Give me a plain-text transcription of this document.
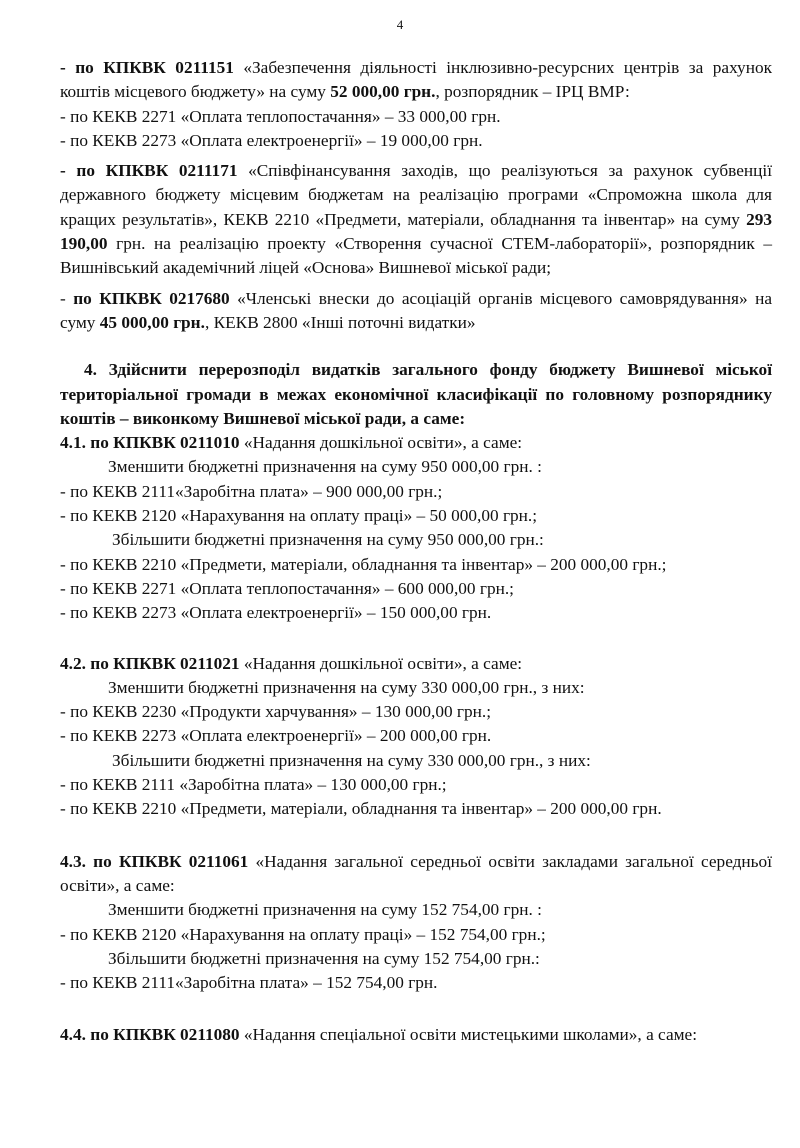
4

- по КПКВК 0211151 «Забезпечення діяльності інклюзивно-ресурсних центрів за рахунок коштів місцевого бюджету» на суму 52 000,00 грн., розпорядник – ІРЦ ВМР:

- по КЕКВ 2271 «Оплата теплопостачання» – 33 000,00 грн.

- по КЕКВ 2273 «Оплата електроенергії» – 19 000,00 грн.

- по КПКВК 0211171 «Співфінансування заходів, що реалізуються за рахунок субвенції державного бюджету місцевим бюджетам на реалізацію програми «Спроможна школа для кращих результатів», КЕКВ 2210 «Предмети, матеріали, обладнання та інвентар» на суму 293 190,00 грн. на реалізацію проекту «Створення сучасної СТЕМ-лабораторії», розпорядник – Вишнівський академічний ліцей «Основа» Вишневої міської ради;

- по КПКВК 0217680 «Членські внески до асоціацій органів місцевого самоврядування» на суму 45 000,00 грн., КЕКВ 2800 «Інші поточні видатки»

4. Здійснити перерозподіл видатків загального фонду бюджету Вишневої міської територіальної громади в межах економічної класифікації по головному розпоряднику коштів – виконкому Вишневої міської ради, а саме:

4.1. по КПКВК 0211010 «Надання дошкільної освіти», а саме:

Зменшити бюджетні призначення на суму 950 000,00 грн. :

- по КЕКВ 2111«Заробітна плата» – 900 000,00 грн.;

- по КЕКВ 2120 «Нарахування на оплату праці» – 50 000,00 грн.;

Збільшити бюджетні призначення на суму 950 000,00 грн.:

- по КЕКВ 2210 «Предмети, матеріали, обладнання та інвентар» – 200 000,00 грн.;

- по КЕКВ 2271 «Оплата теплопостачання» – 600 000,00 грн.;

- по КЕКВ 2273 «Оплата електроенергії» – 150 000,00 грн.

4.2. по КПКВК 0211021 «Надання дошкільної освіти», а саме:

Зменшити бюджетні призначення на суму 330 000,00 грн., з них:

- по КЕКВ 2230 «Продукти харчування» – 130 000,00 грн.;

- по КЕКВ 2273 «Оплата електроенергії» – 200 000,00 грн.

Збільшити бюджетні призначення на суму 330 000,00 грн., з них:

- по КЕКВ 2111 «Заробітна плата» – 130 000,00 грн.;

- по КЕКВ 2210 «Предмети, матеріали, обладнання та інвентар» – 200 000,00 грн.

4.3. по КПКВК 0211061 «Надання загальної середньої освіти закладами загальної середньої освіти», а саме:

Зменшити бюджетні призначення на суму 152 754,00 грн. :

- по КЕКВ 2120 «Нарахування на оплату праці» – 152 754,00 грн.;

Збільшити бюджетні призначення на суму 152 754,00 грн.:

- по КЕКВ 2111«Заробітна плата» – 152 754,00 грн.

4.4. по КПКВК 0211080 «Надання спеціальної освіти мистецькими школами», а саме:
